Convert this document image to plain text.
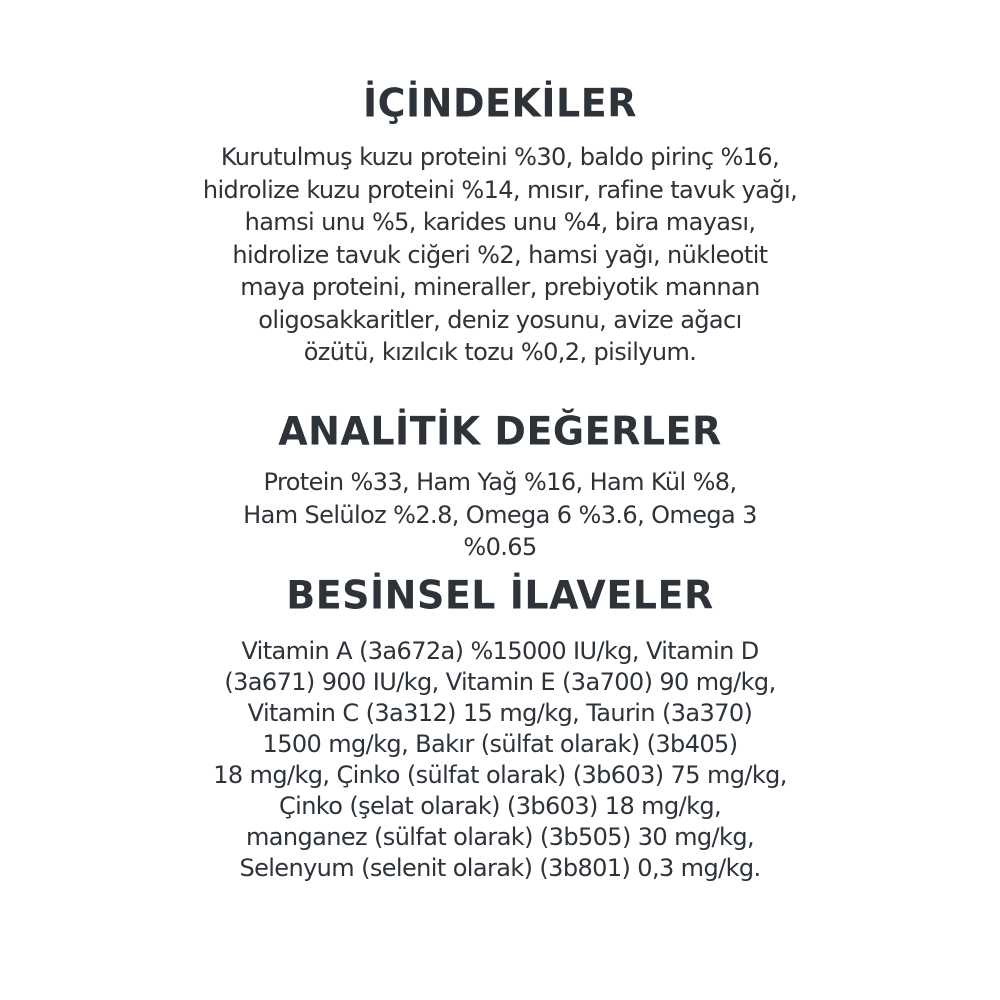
İÇİNDEKİLER
Kurutulmuş kuzu proteini %30, baldo pirinç %16,
hidrolize kuzu proteini %14, mısır, rafine tavuk yağı,
hamsi unu %5, karides unu %4, bira mayası,
hidrolize tavuk ciğeri %2, hamsi yağı, nükleotit
maya proteini, mineraller, prebiyotik mannan
oligosakkaritler, deniz yosunu, avize ağacı
özütü, kızılcık tozu %0,2, pisilyum.
ANALİTİK DEĞERLER
Protein %33, Ham Yağ %16, Ham Kül %8,
Ham Selüloz %2.8, Omega 6 %3.6, Omega 3
%0.65
BESİNSEL İLAVELER
Vitamin A (3a672a) %15000 IU/kg, Vitamin D
(3a671) 900 IU/kg, Vitamin E (3a700) 90 mg/kg,
Vitamin C (3a312) 15 mg/kg, Taurin (3a370)
1500 mg/kg, Bakır (sülfat olarak) (3b405)
18 mg/kg, Çinko (sülfat olarak) (3b603) 75 mg/kg,
Çinko (şelat olarak) (3b603) 18 mg/kg,
manganez (sülfat olarak) (3b505) 30 mg/kg,
Selenyum (selenit olarak) (3b801) 0,3 mg/kg.
